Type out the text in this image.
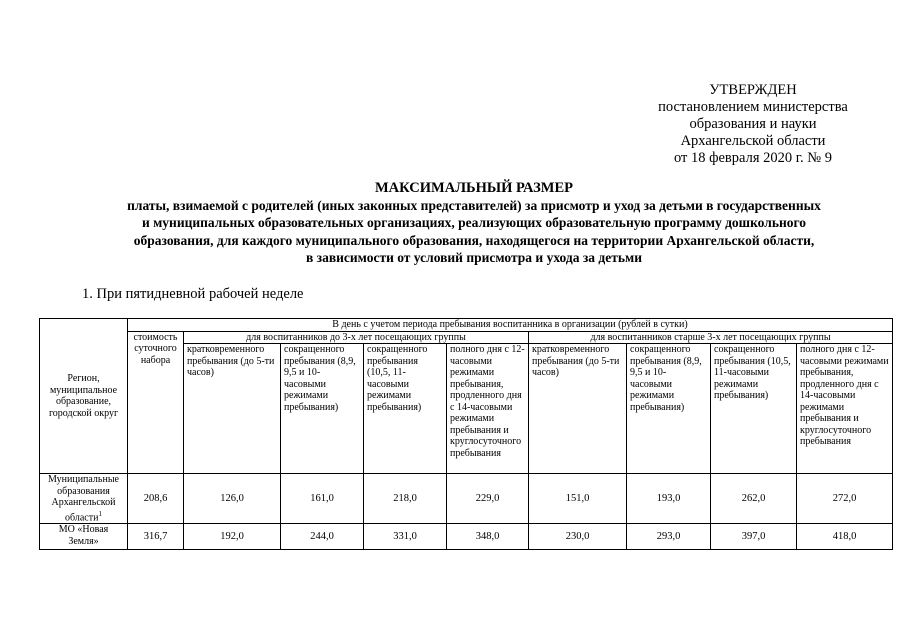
УТВЕРЖДЕН
постановлением министерства
образования и науки
Архангельской области
от 18 февраля 2020 г. № 9
МАКСИМАЛЬНЫЙ РАЗМЕР
платы, взимаемой с родителей (иных законных представителей) за присмотр и уход за детьми в государственных
и муниципальных образовательных организациях, реализующих образовательную программу дошкольного
образования, для каждого муниципального образования, находящегося на территории Архангельской области,
в зависимости от условий присмотра и ухода за детьми
1. При пятидневной рабочей неделе
Регион, муниципальное образование, городской округ	В день с учетом периода пребывания воспитанника в организации (рублей в сутки)								
	стоимость суточного набора	для воспитанников до 3-х лет посещающих группы				для воспитанников старше 3-х лет посещающих группы			
		кратковременного пребывания (до 5-ти часов)	сокращенного пребывания (8,9, 9,5 и 10-часовыми режимами пребывания)	сокращенного пребывания (10,5, 11-часовыми режимами пребывания)	полного дня с 12-часовыми режимами пребывания, продленного дня с 14-часовыми режимами пребывания и круглосуточного пребывания	кратковременного пребывания (до 5-ти часов)	сокращенного пребывания (8,9, 9,5 и 10-часовыми режимами пребывания)	сокращенного пребывания (10,5, 11-часовыми режимами пребывания)	полного дня с 12-часовыми режимами пребывания, продленного дня с 14-часовыми режимами пребывания и круглосуточного пребывания
Муниципальные образования Архангельской области$^1$	208,6	126,0	161,0	218,0	229,0	151,0	193,0	262,0	272,0
МО «Новая Земля»	316,7	192,0	244,0	331,0	348,0	230,0	293,0	397,0	418,0
